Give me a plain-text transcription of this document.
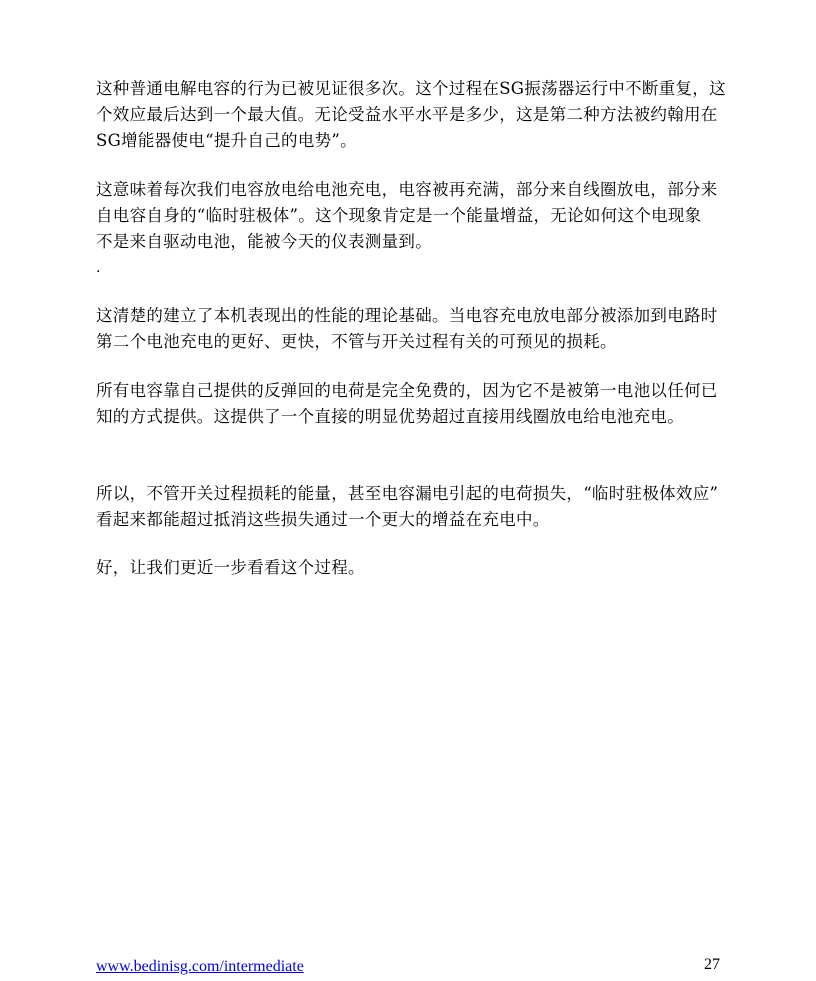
这种普通电解电容的行为已被见证很多次。这个过程在SG振荡器运行中不断重复，这
个效应最后达到一个最大值。无论受益水平水平是多少，这是第二种方法被约翰用在
SG增能器使电“提升自己的电势”。

这意味着每次我们电容放电给电池充电，电容被再充满，部分来自线圈放电，部分来
自电容自身的“临时驻极体”。这个现象肯定是一个能量增益，无论如何这个电现象
不是来自驱动电池，能被今天的仪表测量到。

.

这清楚的建立了本机表现出的性能的理论基础。当电容充电放电部分被添加到电路时
第二个电池充电的更好、更快，不管与开关过程有关的可预见的损耗。

所有电容靠自己提供的反弹回的电荷是完全免费的，因为它不是被第一电池以任何已
知的方式提供。这提供了一个直接的明显优势超过直接用线圈放电给电池充电。

所以，不管开关过程损耗的能量，甚至电容漏电引起的电荷损失，“临时驻极体效应”
看起来都能超过抵消这些损失通过一个更大的增益在充电中。

好，让我们更近一步看看这个过程。

www.bedinisg.com/intermediate	27
